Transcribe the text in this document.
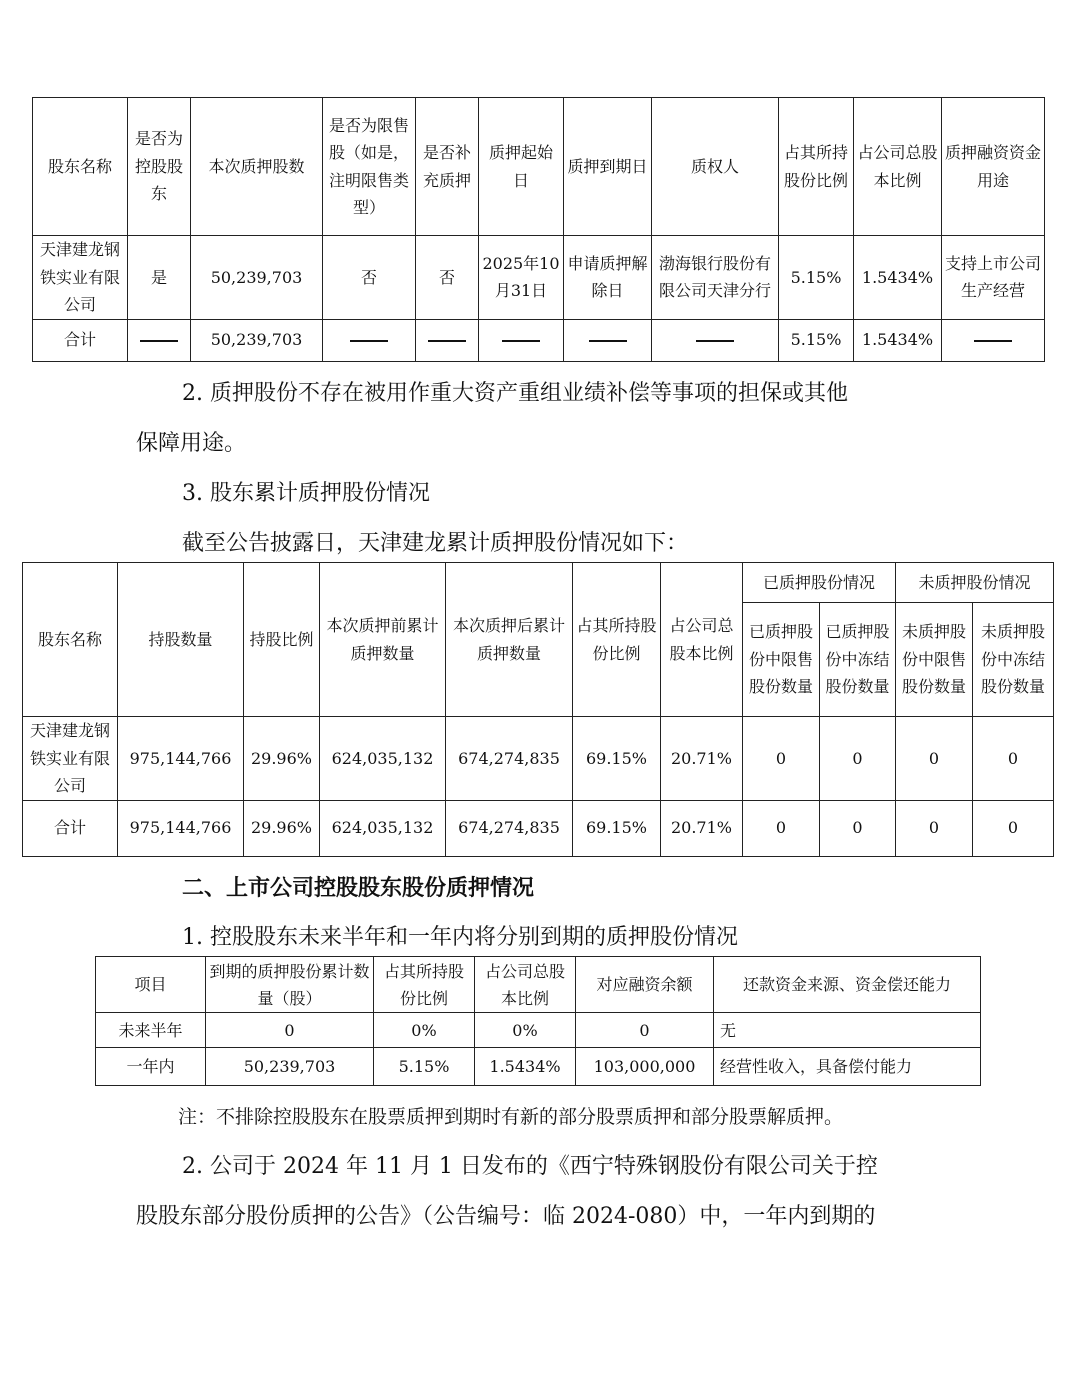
股东名称	是否为控股股东	本次质押股数	是否为限售股（如是，注明限售类型）	是否补充质押	质押起始日	质押到期日	质权人	占其所持股份比例	占公司总股本比例	质押融资资金用途
天津建龙钢铁实业有限公司	是	50,239,703	否	否	2025年10月31日	申请质押解除日	渤海银行股份有限公司天津分行	5.15%	1.5434%	支持上市公司生产经营
合计		50,239,703						5.15%	1.5434%	
2. 质押股份不存在被用作重大资产重组业绩补偿等事项的担保或其他
保障用途。
3. 股东累计质押股份情况
截至公告披露日，天津建龙累计质押股份情况如下：
股东名称	持股数量	持股比例	本次质押前累计质押数量	本次质押后累计质押数量	占其所持股份比例	占公司总股本比例	已质押股份情况		未质押股份情况	
							已质押股份中限售股份数量	已质押股份中冻结股份数量	未质押股份中限售股份数量	未质押股份中冻结股份数量
天津建龙钢铁实业有限公司	975,144,766	29.96%	624,035,132	674,274,835	69.15%	20.71%	0	0	0	0
合计	975,144,766	29.96%	624,035,132	674,274,835	69.15%	20.71%	0	0	0	0
二、上市公司控股股东股份质押情况
1. 控股股东未来半年和一年内将分别到期的质押股份情况
项目	到期的质押股份累计数量（股）	占其所持股份比例	占公司总股本比例	对应融资余额	还款资金来源、资金偿还能力
未来半年	0	0%	0%	0	无
一年内	50,239,703	5.15%	1.5434%	103,000,000	经营性收入，具备偿付能力
注：不排除控股股东在股票质押到期时有新的部分股票质押和部分股票解质押。
2. 公司于 2024 年 11 月 1 日发布的《西宁特殊钢股份有限公司关于控
股股东部分股份质押的公告》（公告编号：临 2024-080）中，一年内到期的
